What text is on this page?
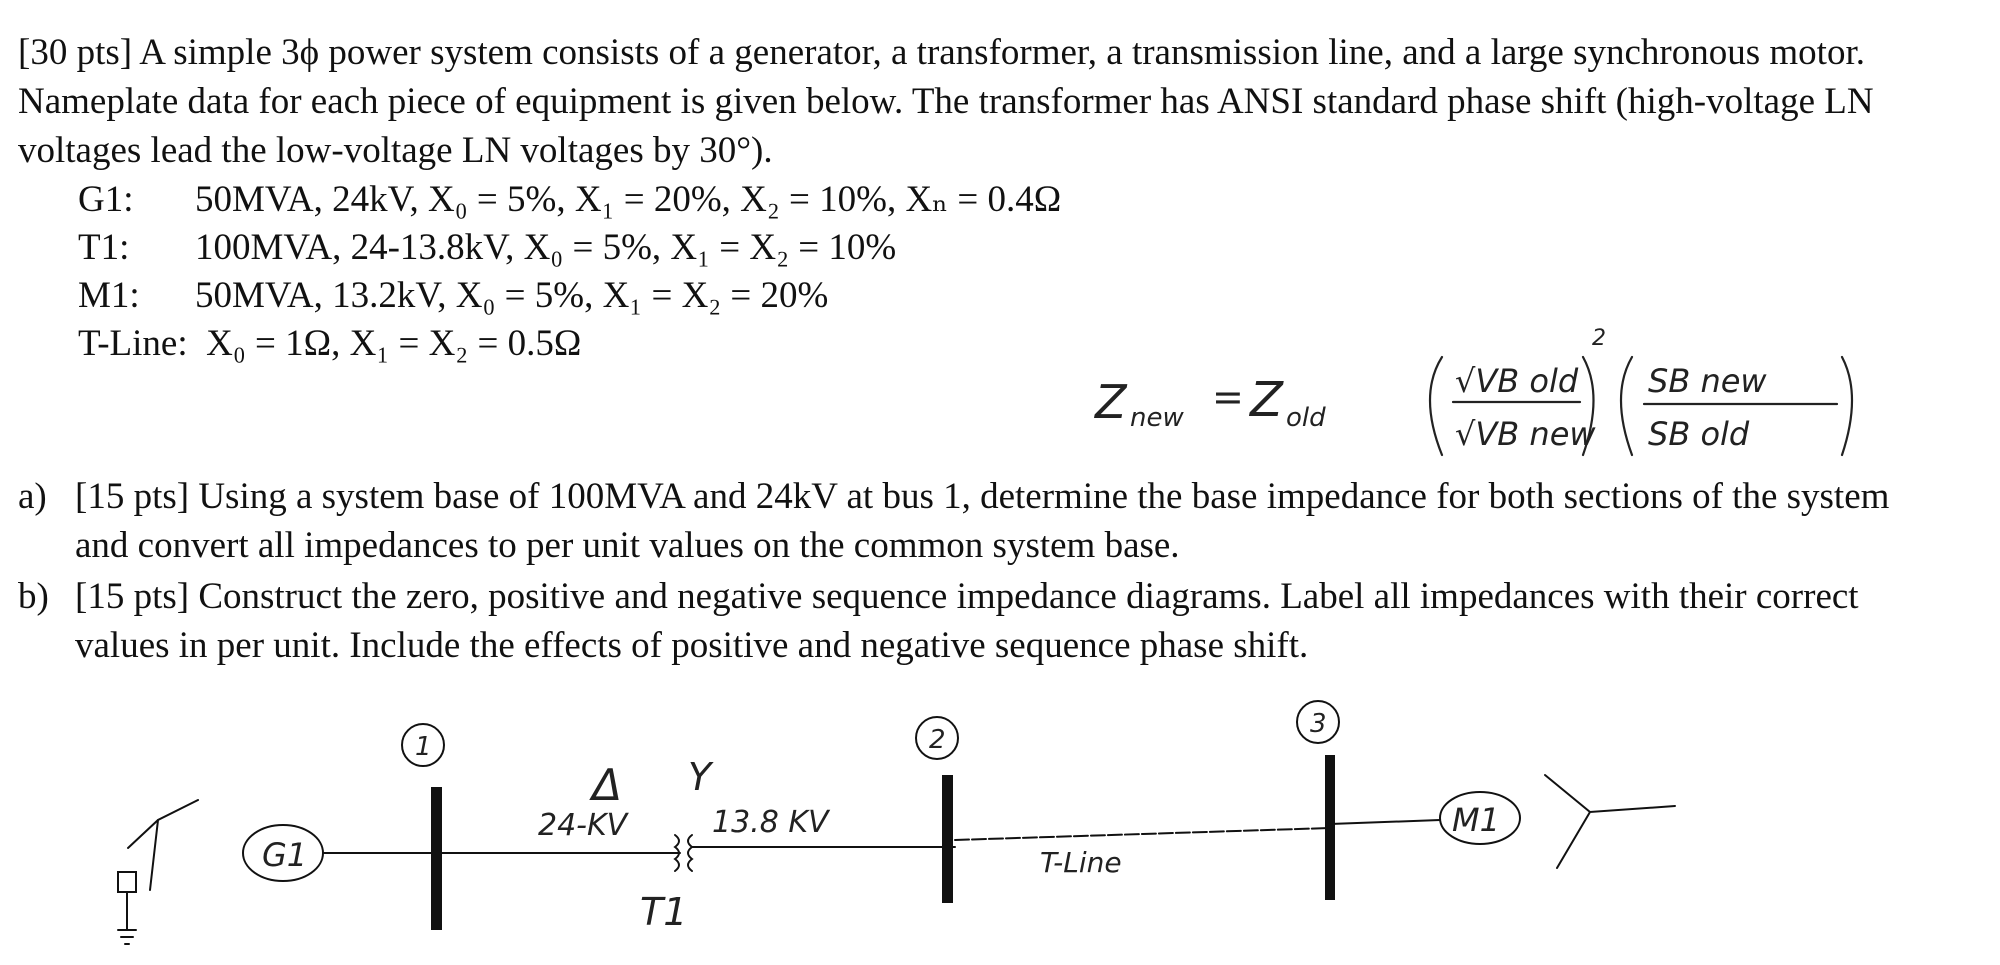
[30 pts] A simple 3ϕ power system consists of a generator, a transformer, a transmission line, and a large synchronous motor. Nameplate data for each piece of equipment is given below. The transformer has ANSI standard phase shift (high-voltage LN voltages lead the low-voltage LN voltages by 30°).
G1: 50MVA, 24kV, X₀ = 5%, X₁ = 20%, X₂ = 10%, Xₙ = 0.4Ω
T1: 100MVA, 24-13.8kV, X₀ = 5%, X₁ = X₂ = 10%
M1: 50MVA, 13.2kV, X₀ = 5%, X₁ = X₂ = 20%
T-Line: X₀ = 1Ω, X₁ = X₂ = 0.5Ω
a) [15 pts] Using a system base of 100MVA and 24kV at bus 1, determine the base impedance for both sections of the system and convert all impedances to per unit values on the common system base.
b) [15 pts] Construct the zero, positive and negative sequence impedance diagrams. Label all impedances with their correct values in per unit. Include the effects of positive and negative sequence phase shift.
Z new = Z old
√VB old
√VB new
2
SB new
SB old
G1
M1
1	2
3
Δ Y
24-KV	13.8 KV
T1
T-Line
